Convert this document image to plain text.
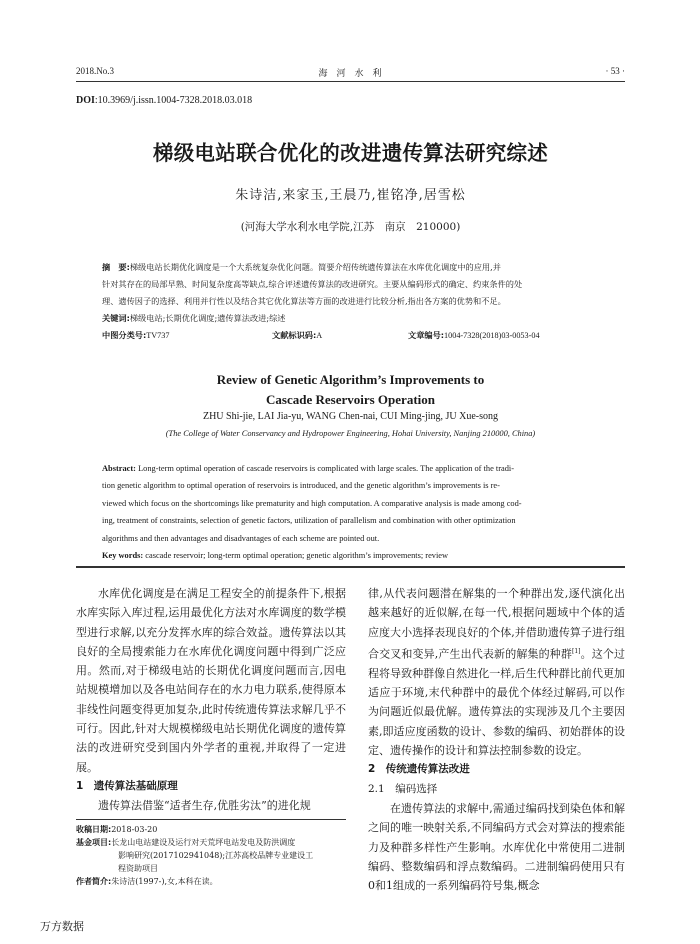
2018.No.3	海　河　水　利	· 53 ·
DOI:10.3969/j.issn.1004-7328.2018.03.018
梯级电站联合优化的改进遗传算法研究综述
朱诗洁,来家玉,王晨乃,崔铭净,居雪松
(河海大学水利水电学院,江苏　南京　210000)
摘　要:梯级电站长期优化调度是一个大系统复杂优化问题。简要介绍传统遗传算法在水库优化调度中的应用,并
针对其存在的局部早熟、时间复杂度高等缺点,综合评述遗传算法的改进研究。主要从编码形式的确定、约束条件的处
理、遗传因子的选择、利用并行性以及结合其它优化算法等方面的改进进行比较分析,指出各方案的优势和不足。
关键词:梯级电站;长期优化调度;遗传算法改进;综述
中图分类号:TV737	文献标识码:A	文章编号:1004-7328(2018)03-0053-04
Review of Genetic Algorithm’s Improvements to
Cascade Reservoirs Operation
ZHU Shi-jie, LAI Jia-yu, WANG Chen-nai, CUI Ming-jing, JU Xue-song
(The College of Water Conservancy and Hydropower Engineering, Hohai University, Nanjing 210000, China)
Abstract: Long-term optimal operation of cascade reservoirs is complicated with large scales. The application of the tradi-
tion genetic algorithm to optimal operation of reservoirs is introduced, and the genetic algorithm’s improvements is re-
viewed which focus on the shortcomings like prematurity and high computation. A comparative analysis is made among cod-
ing, treatment of constraints, selection of genetic factors, utilization of parallelism and combination with other optimization
algorithms and then advantages and disadvantages of each scheme are pointed out.
Key words: cascade reservoir; long-term optimal operation; genetic algorithm’s improvements; review

水库优化调度是在满足工程安全的前提条件下,根据水库实际入库过程,运用最优化方法对水库调度的数学模型进行求解,以充分发挥水库的综合效益。遗传算法以其良好的全局搜索能力在水库优化调度问题中得到广泛应用。然而,对于梯级电站的长期优化调度问题而言,因电站规模增加以及各电站间存在的水力电力联系,使得原本非线性问题变得更加复杂,此时传统遗传算法求解几乎不可行。因此,针对大规模梯级电站长期优化调度的遗传算法的改进研究受到国内外学者的重视,并取得了一定进展。

1　遗传算法基础原理

遗传算法借鉴“适者生存,优胜劣汰”的进化规

收稿日期:2018-03-20
基金项目:长龙山电站建设及运行对天荒坪电站发电及防洪调度
影响研究(2017102941048);江苏高校品牌专业建设工
程资助项目
作者简介:朱诗洁(1997-),女,本科在读。

律,从代表问题潜在解集的一个种群出发,逐代演化出越来越好的近似解,在每一代,根据问题域中个体的适应度大小选择表现良好的个体,并借助遗传算子进行组合交叉和变异,产生出代表新的解集的种群[1]。这个过程将导致种群像自然进化一样,后生代种群比前代更加适应于环境,末代种群中的最优个体经过解码,可以作为问题近似最优解。遗传算法的实现涉及几个主要因素,即适应度函数的设计、参数的编码、初始群体的设定、遗传操作的设计和算法控制参数的设定。

2　传统遗传算法改进

2.1　编码选择

在遗传算法的求解中,需通过编码找到染色体和解之间的唯一映射关系,不同编码方式会对算法的搜索能力及种群多样性产生影响。水库优化中常使用二进制编码、整数编码和浮点数编码。二进制编码使用只有0和1组成的一系列编码符号集,概念

万方数据
